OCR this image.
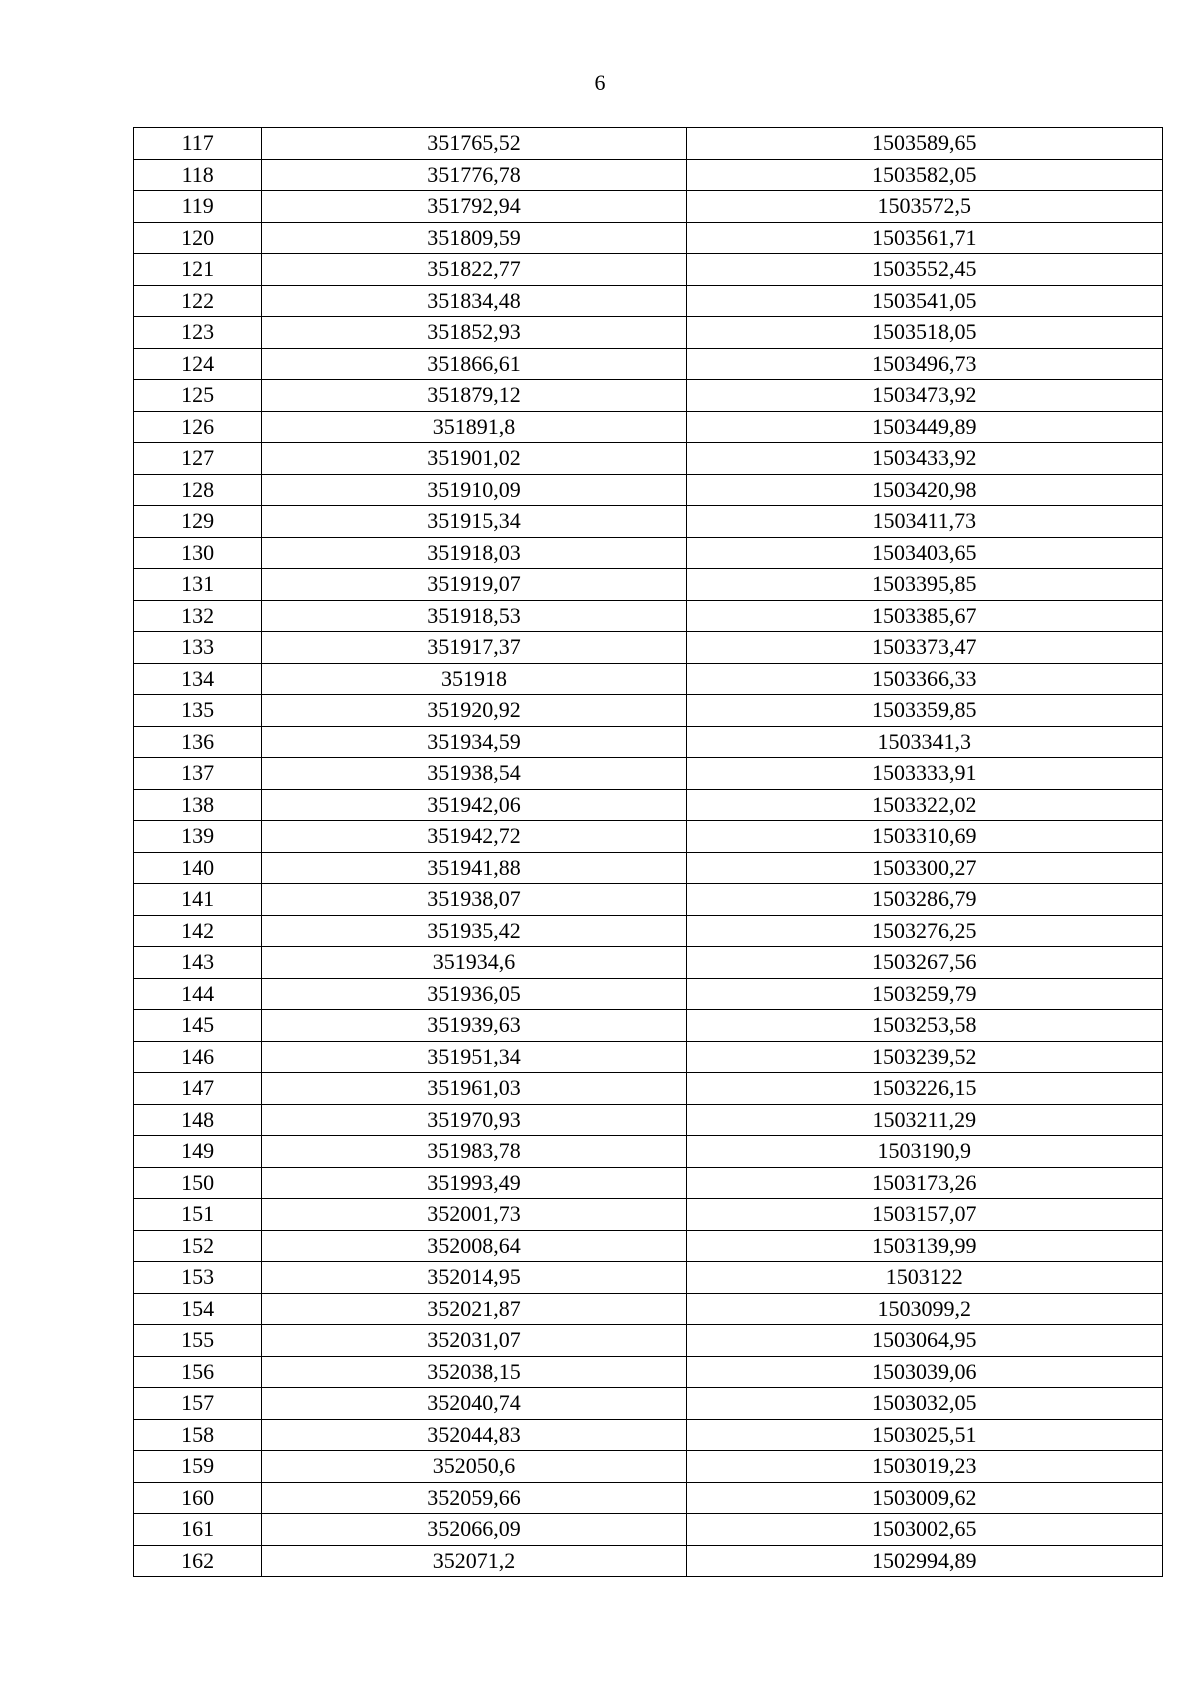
6
117	351765,52	1503589,65
118	351776,78	1503582,05
119	351792,94	1503572,5
120	351809,59	1503561,71
121	351822,77	1503552,45
122	351834,48	1503541,05
123	351852,93	1503518,05
124	351866,61	1503496,73
125	351879,12	1503473,92
126	351891,8	1503449,89
127	351901,02	1503433,92
128	351910,09	1503420,98
129	351915,34	1503411,73
130	351918,03	1503403,65
131	351919,07	1503395,85
132	351918,53	1503385,67
133	351917,37	1503373,47
134	351918	1503366,33
135	351920,92	1503359,85
136	351934,59	1503341,3
137	351938,54	1503333,91
138	351942,06	1503322,02
139	351942,72	1503310,69
140	351941,88	1503300,27
141	351938,07	1503286,79
142	351935,42	1503276,25
143	351934,6	1503267,56
144	351936,05	1503259,79
145	351939,63	1503253,58
146	351951,34	1503239,52
147	351961,03	1503226,15
148	351970,93	1503211,29
149	351983,78	1503190,9
150	351993,49	1503173,26
151	352001,73	1503157,07
152	352008,64	1503139,99
153	352014,95	1503122
154	352021,87	1503099,2
155	352031,07	1503064,95
156	352038,15	1503039,06
157	352040,74	1503032,05
158	352044,83	1503025,51
159	352050,6	1503019,23
160	352059,66	1503009,62
161	352066,09	1503002,65
162	352071,2	1502994,89
